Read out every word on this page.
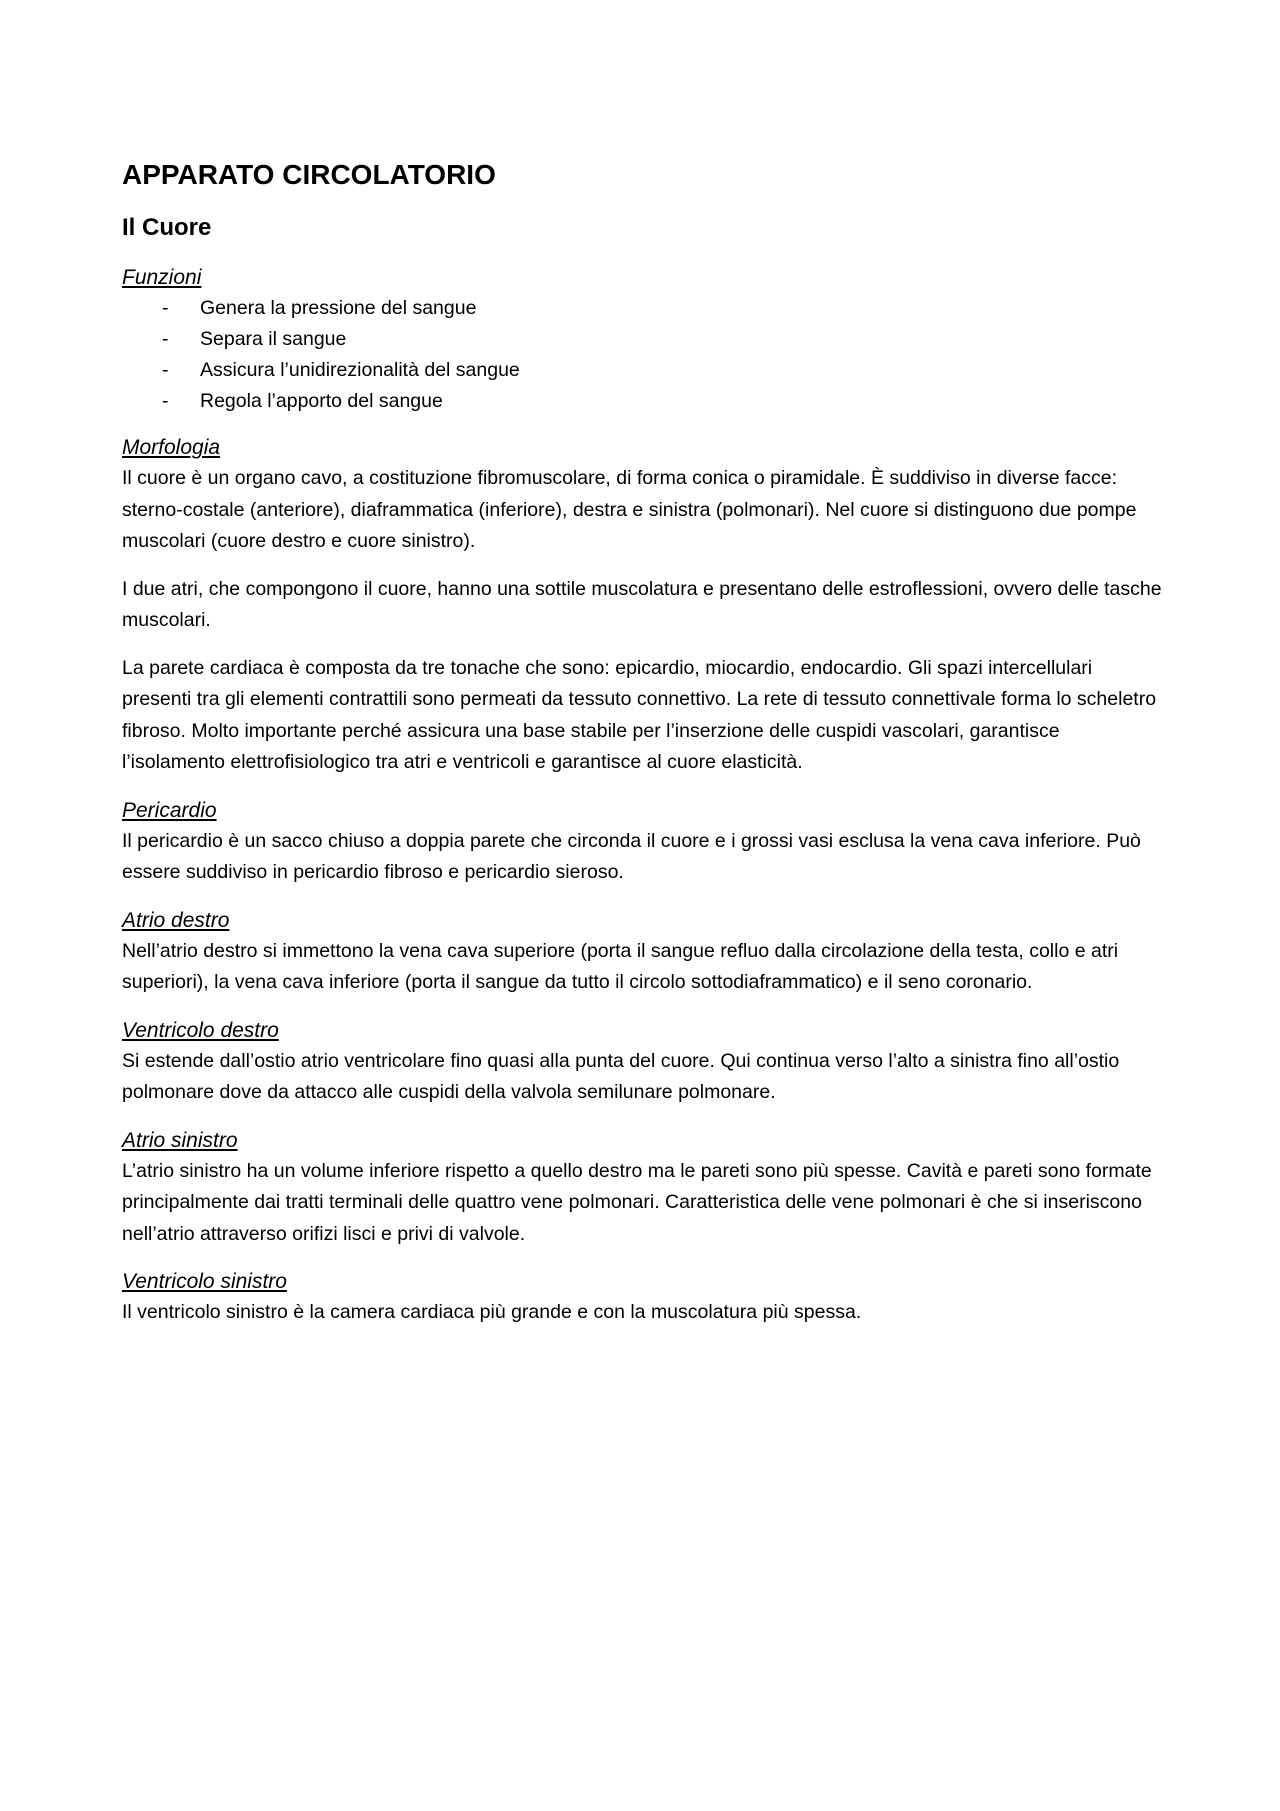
APPARATO CIRCOLATORIO
Il Cuore
Funzioni
- Genera la pressione del sangue
- Separa il sangue
- Assicura l’unidirezionalità del sangue
- Regola l’apporto del sangue
Morfologia

Il cuore è un organo cavo, a costituzione fibromuscolare, di forma conica o piramidale. È suddiviso in diverse facce: sterno-costale (anteriore), diaframmatica (inferiore), destra e sinistra (polmonari). Nel cuore si distinguono due pompe muscolari (cuore destro e cuore sinistro).

I due atri, che compongono il cuore, hanno una sottile muscolatura e presentano delle estroflessioni, ovvero delle tasche muscolari.

La parete cardiaca è composta da tre tonache che sono: epicardio, miocardio, endocardio. Gli spazi intercellulari presenti tra gli elementi contrattili sono permeati da tessuto connettivo. La rete di tessuto connettivale forma lo scheletro fibroso. Molto importante perché assicura una base stabile per l’inserzione delle cuspidi vascolari, garantisce l’isolamento elettrofisiologico tra atri e ventricoli e garantisce al cuore elasticità.

Pericardio

Il pericardio è un sacco chiuso a doppia parete che circonda il cuore e i grossi vasi esclusa la vena cava inferiore. Può essere suddiviso in pericardio fibroso e pericardio sieroso.

Atrio destro

Nell’atrio destro si immettono la vena cava superiore (porta il sangue refluo dalla circolazione della testa, collo e atri superiori), la vena cava inferiore (porta il sangue da tutto il circolo sottodiaframmatico) e il seno coronario.

Ventricolo destro

Si estende dall’ostio atrio ventricolare fino quasi alla punta del cuore. Qui continua verso l’alto a sinistra fino all’ostio polmonare dove da attacco alle cuspidi della valvola semilunare polmonare.

Atrio sinistro

L’atrio sinistro ha un volume inferiore rispetto a quello destro ma le pareti sono più spesse. Cavità e pareti sono formate principalmente dai tratti terminali delle quattro vene polmonari. Caratteristica delle vene polmonari è che si inseriscono nell’atrio attraverso orifizi lisci e privi di valvole.

Ventricolo sinistro

Il ventricolo sinistro è la camera cardiaca più grande e con la muscolatura più spessa.
